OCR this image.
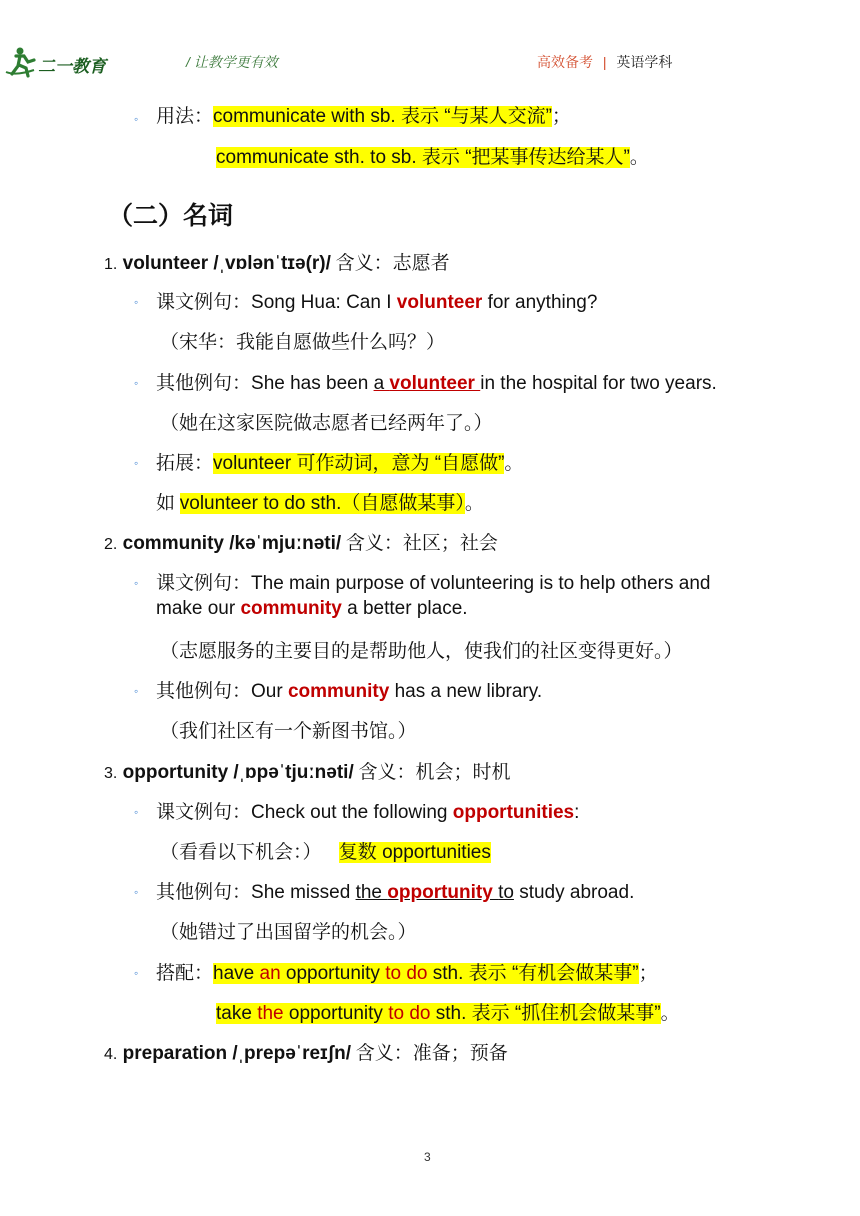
二一教育	/ 让教学更有效	高效备考 | 英语学科
◦ 用法：communicate with sb. 表示 “与某人交流”；
communicate sth. to sb. 表示 “把某事传达给某人”。
（二）名词
1. volunteer /ˌvɒlənˈtɪə(r)/ 含义：志愿者
◦ 课文例句：Song Hua: Can I volunteer for anything?
（宋华：我能自愿做些什么吗？）
◦ 其他例句：She has been a volunteer in the hospital for two years.
（她在这家医院做志愿者已经两年了。）
◦ 拓展：volunteer 可作动词，意为 “自愿做”。
如 volunteer to do sth.（自愿做某事）。
2. community /kəˈmjuːnəti/ 含义：社区；社会
◦ 课文例句：The main purpose of volunteering is to help others and
make our community a better place.
（志愿服务的主要目的是帮助他人，使我们的社区变得更好。）
◦ 其他例句：Our community has a new library.
（我们社区有一个新图书馆。）
3. opportunity /ˌɒpəˈtjuːnəti/ 含义：机会；时机
◦ 课文例句：Check out the following opportunities:
（看看以下机会：） 复数 opportunities
◦ 其他例句：She missed the opportunity to study abroad.
（她错过了出国留学的机会。）
◦ 搭配：have an opportunity to do sth. 表示 “有机会做某事”；
take the opportunity to do sth. 表示 “抓住机会做某事”。
4. preparation /ˌprepəˈreɪʃn/ 含义：准备；预备
3
